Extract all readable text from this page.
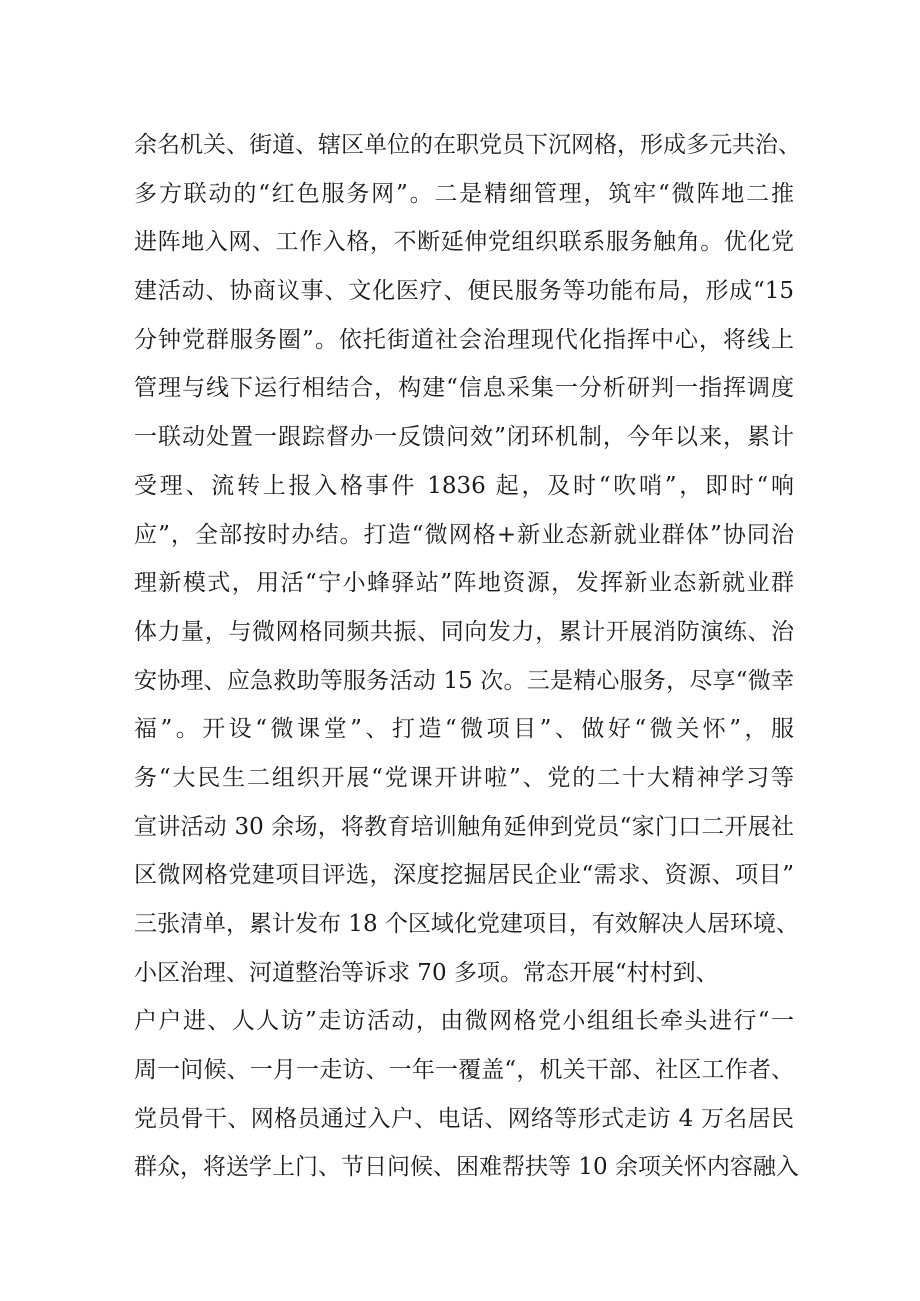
余名机关、街道、辖区单位的在职党员下沉网格，形成多元共治、
多方联动的“红色服务网”。二是精细管理，筑牢“微阵地二推
进阵地入网、工作入格，不断延伸党组织联系服务触角。优化党
建活动、协商议事、文化医疗、便民服务等功能布局，形成“15
分钟党群服务圈”。依托街道社会治理现代化指挥中心，将线上
管理与线下运行相结合，构建“信息采集一分析研判一指挥调度
一联动处置一跟踪督办一反馈问效”闭环机制，今年以来，累计
受理、流转上报入格事件 1836 起，及时“吹哨”，即时“响
应”，全部按时办结。打造“微网格+新业态新就业群体”协同治
理新模式，用活“宁小蜂驿站”阵地资源，发挥新业态新就业群
体力量，与微网格同频共振、同向发力，累计开展消防演练、治
安协理、应急救助等服务活动 15 次。三是精心服务，尽享“微幸
福”。开设“微课堂”、打造“微项目”、做好“微关怀”，服
务“大民生二组织开展“党课开讲啦”、党的二十大精神学习等
宣讲活动 30 余场，将教育培训触角延伸到党员“家门口二开展社
区微网格党建项目评选，深度挖掘居民企业“需求、资源、项目”
三张清单，累计发布 18 个区域化党建项目，有效解决人居环境、
小区治理、河道整治等诉求 70 多项。常态开展“村村到、
户户进、人人访”走访活动，由微网格党小组组长牵头进行“一
周一问候、一月一走访、一年一覆盖“，机关干部、社区工作者、
党员骨干、网格员通过入户、电话、网络等形式走访 4 万名居民
群众，将送学上门、节日问候、困难帮扶等 10 余项关怀内容融入
